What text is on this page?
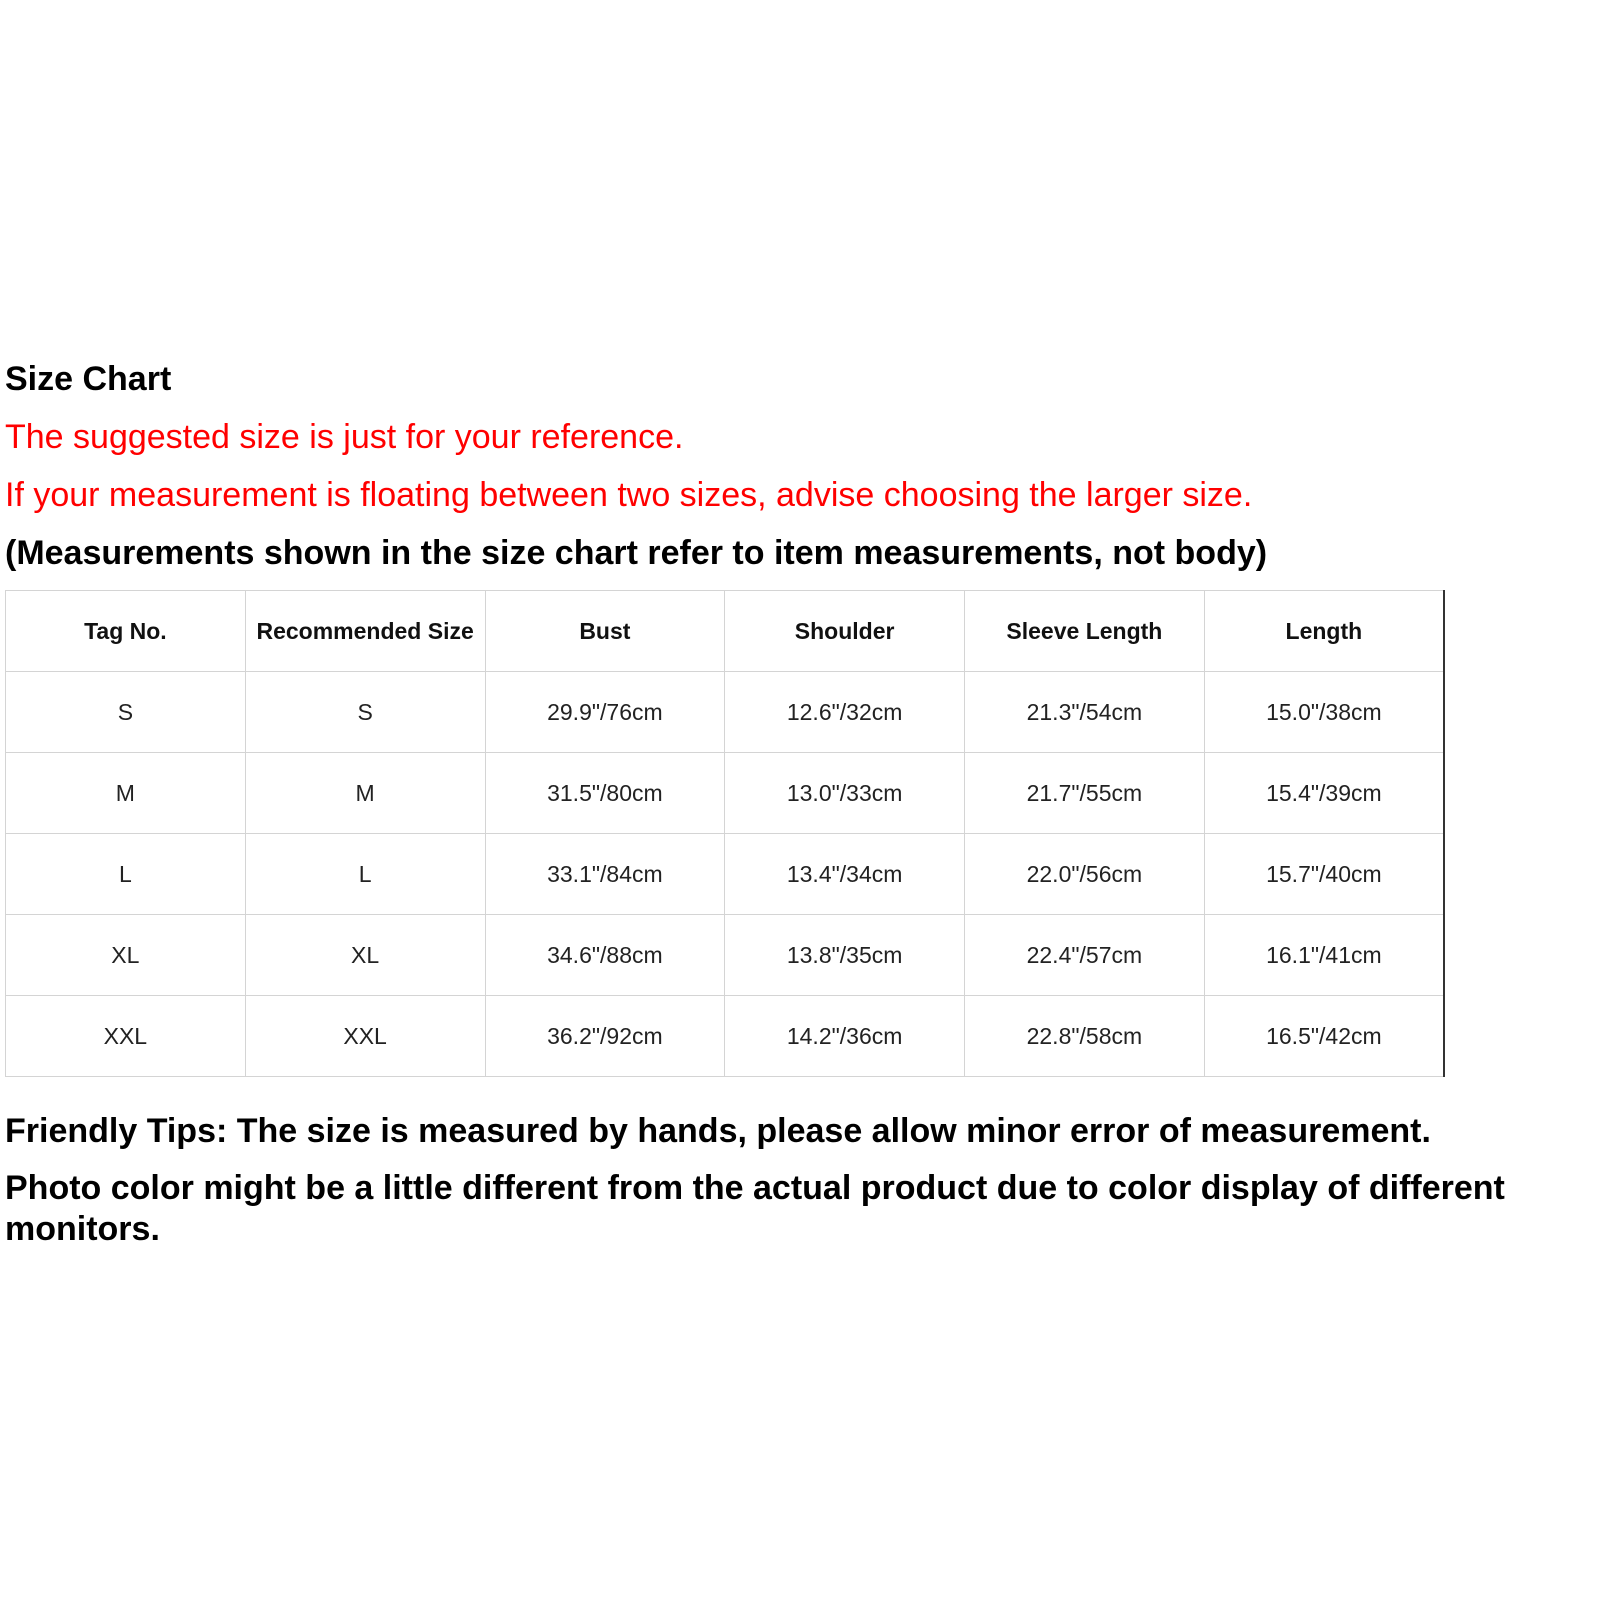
Size Chart
The suggested size is just for your reference.
If your measurement is floating between two sizes, advise choosing the larger size.
(Measurements shown in the size chart refer to item measurements, not body)
Tag No.	Recommended Size	Bust	Shoulder	Sleeve Length	Length
S	S	29.9"/76cm	12.6"/32cm	21.3"/54cm	15.0"/38cm
M	M	31.5"/80cm	13.0"/33cm	21.7"/55cm	15.4"/39cm
L	L	33.1"/84cm	13.4"/34cm	22.0"/56cm	15.7"/40cm
XL	XL	34.6"/88cm	13.8"/35cm	22.4"/57cm	16.1"/41cm
XXL	XXL	36.2"/92cm	14.2"/36cm	22.8"/58cm	16.5"/42cm
Friendly Tips: The size is measured by hands, please allow minor error of measurement.
Photo color might be a little different from the actual product due to color display of different monitors.
